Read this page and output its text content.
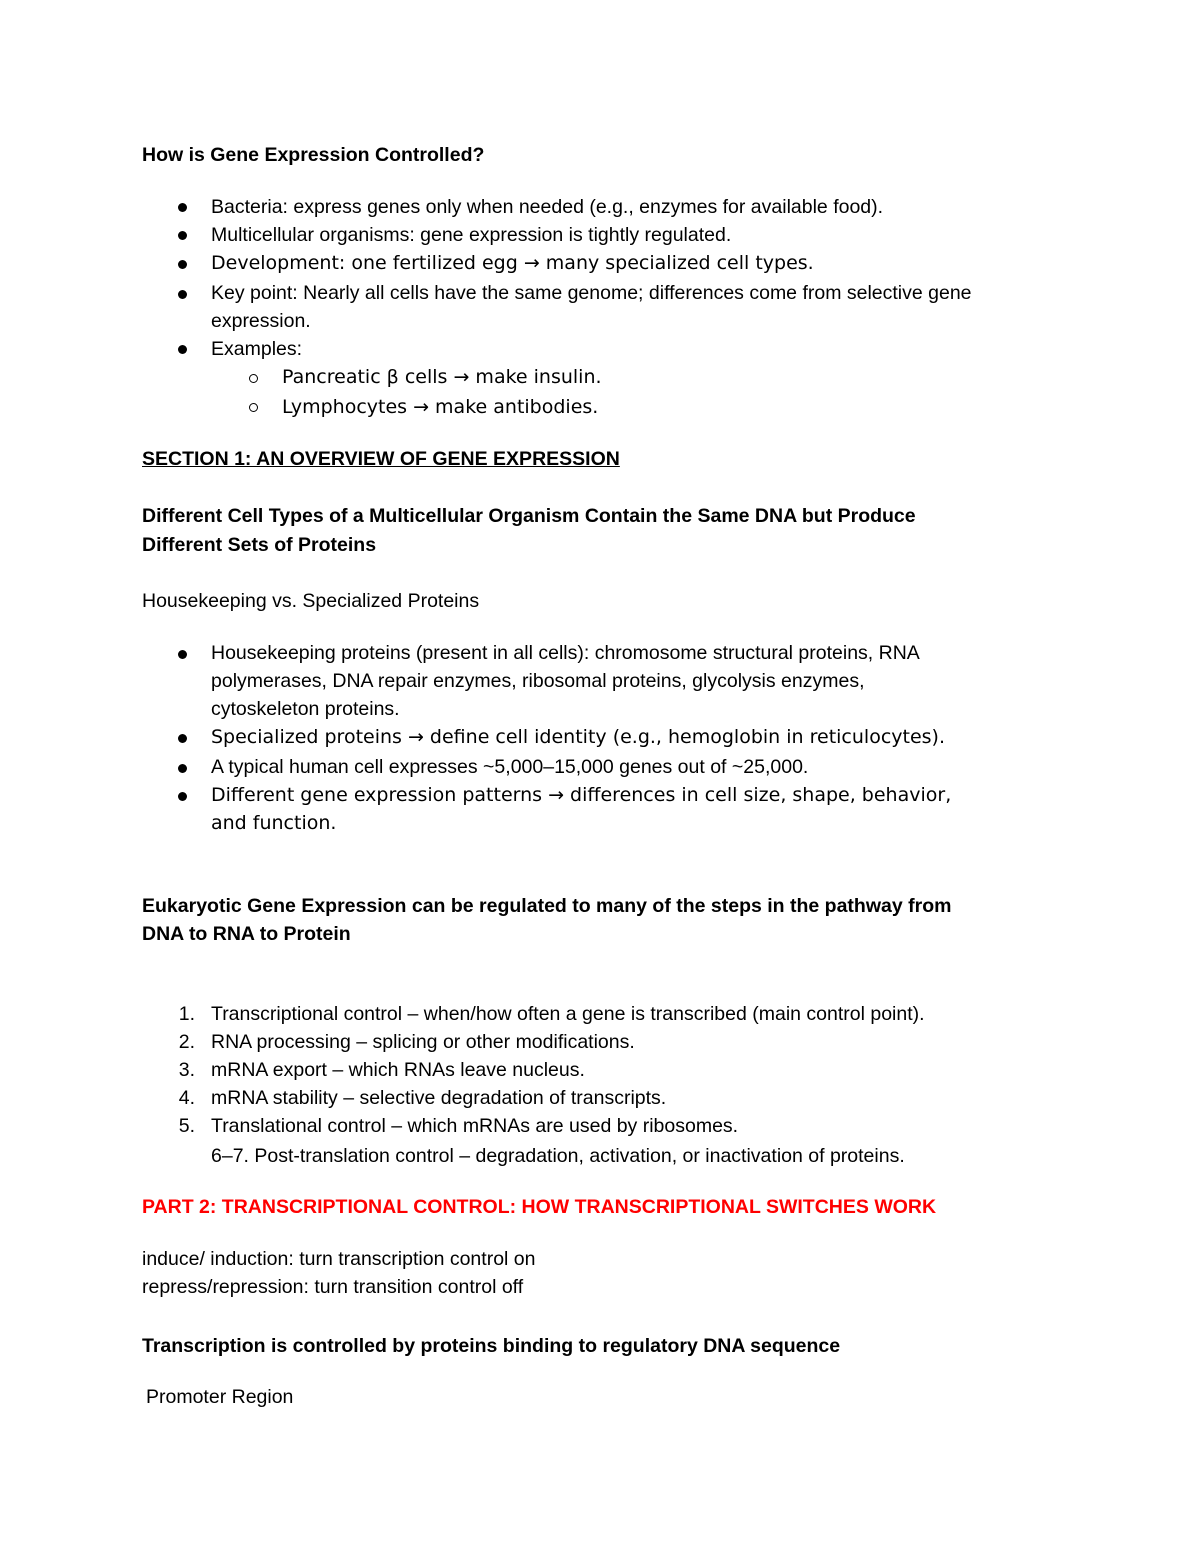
How is Gene Expression Controlled?
Bacteria: express genes only when needed (e.g., enzymes for available food).
Multicellular organisms: gene expression is tightly regulated.
Development: one fertilized egg → many specialized cell types.
Key point: Nearly all cells have the same genome; differences come from selective gene
expression.
Examples:
Pancreatic β cells → make insulin.
Lymphocytes → make antibodies.
SECTION 1: AN OVERVIEW OF GENE EXPRESSION
Different Cell Types of a Multicellular Organism Contain the Same DNA but Produce
Different Sets of Proteins
Housekeeping vs. Specialized Proteins
Housekeeping proteins (present in all cells): chromosome structural proteins, RNA
polymerases, DNA repair enzymes, ribosomal proteins, glycolysis enzymes,
cytoskeleton proteins.
Specialized proteins → define cell identity (e.g., hemoglobin in reticulocytes).
A typical human cell expresses ~5,000–15,000 genes out of ~25,000.
Different gene expression patterns → differences in cell size, shape, behavior,
and function.
Eukaryotic Gene Expression can be regulated to many of the steps in the pathway from
DNA to RNA to Protein
1. Transcriptional control – when/how often a gene is transcribed (main control point).
2. RNA processing – splicing or other modifications.
3. mRNA export – which RNAs leave nucleus.
4. mRNA stability – selective degradation of transcripts.
5. Translational control – which mRNAs are used by ribosomes.
6–7. Post-translation control – degradation, activation, or inactivation of proteins.
PART 2: TRANSCRIPTIONAL CONTROL: HOW TRANSCRIPTIONAL SWITCHES WORK
induce/ induction: turn transcription control on
repress/repression: turn transition control off
Transcription is controlled by proteins binding to regulatory DNA sequence
Promoter Region
